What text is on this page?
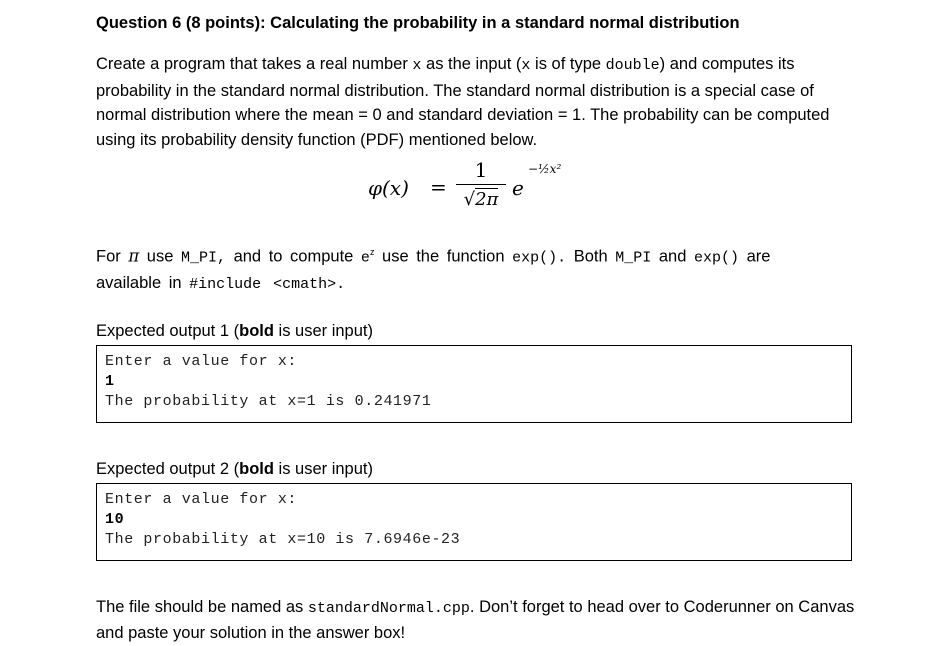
Question 6 (8 points): Calculating the probability in a standard normal distribution
Create a program that takes a real number x as the input (x is of type double) and computes its probability in the standard normal distribution. The standard normal distribution is a special case of normal distribution where the mean = 0 and standard deviation = 1. The probability can be computed using its probability density function (PDF) mentioned below.
φ(x) =
1
√2π e
−½x²
For π use M_PI, and to compute $e^z$ use the function exp(). Both M_PI and exp() are
available in #include <cmath>.
Expected output 1 (bold is user input)
Enter a value for x:
1
The probability at x=1 is 0.241971
Expected output 2 (bold is user input)
Enter a value for x:
10
The probability at x=10 is 7.6946e-23
The file should be named as standardNormal.cpp. Don’t forget to head over to Coderunner on Canvas and paste your solution in the answer box!
